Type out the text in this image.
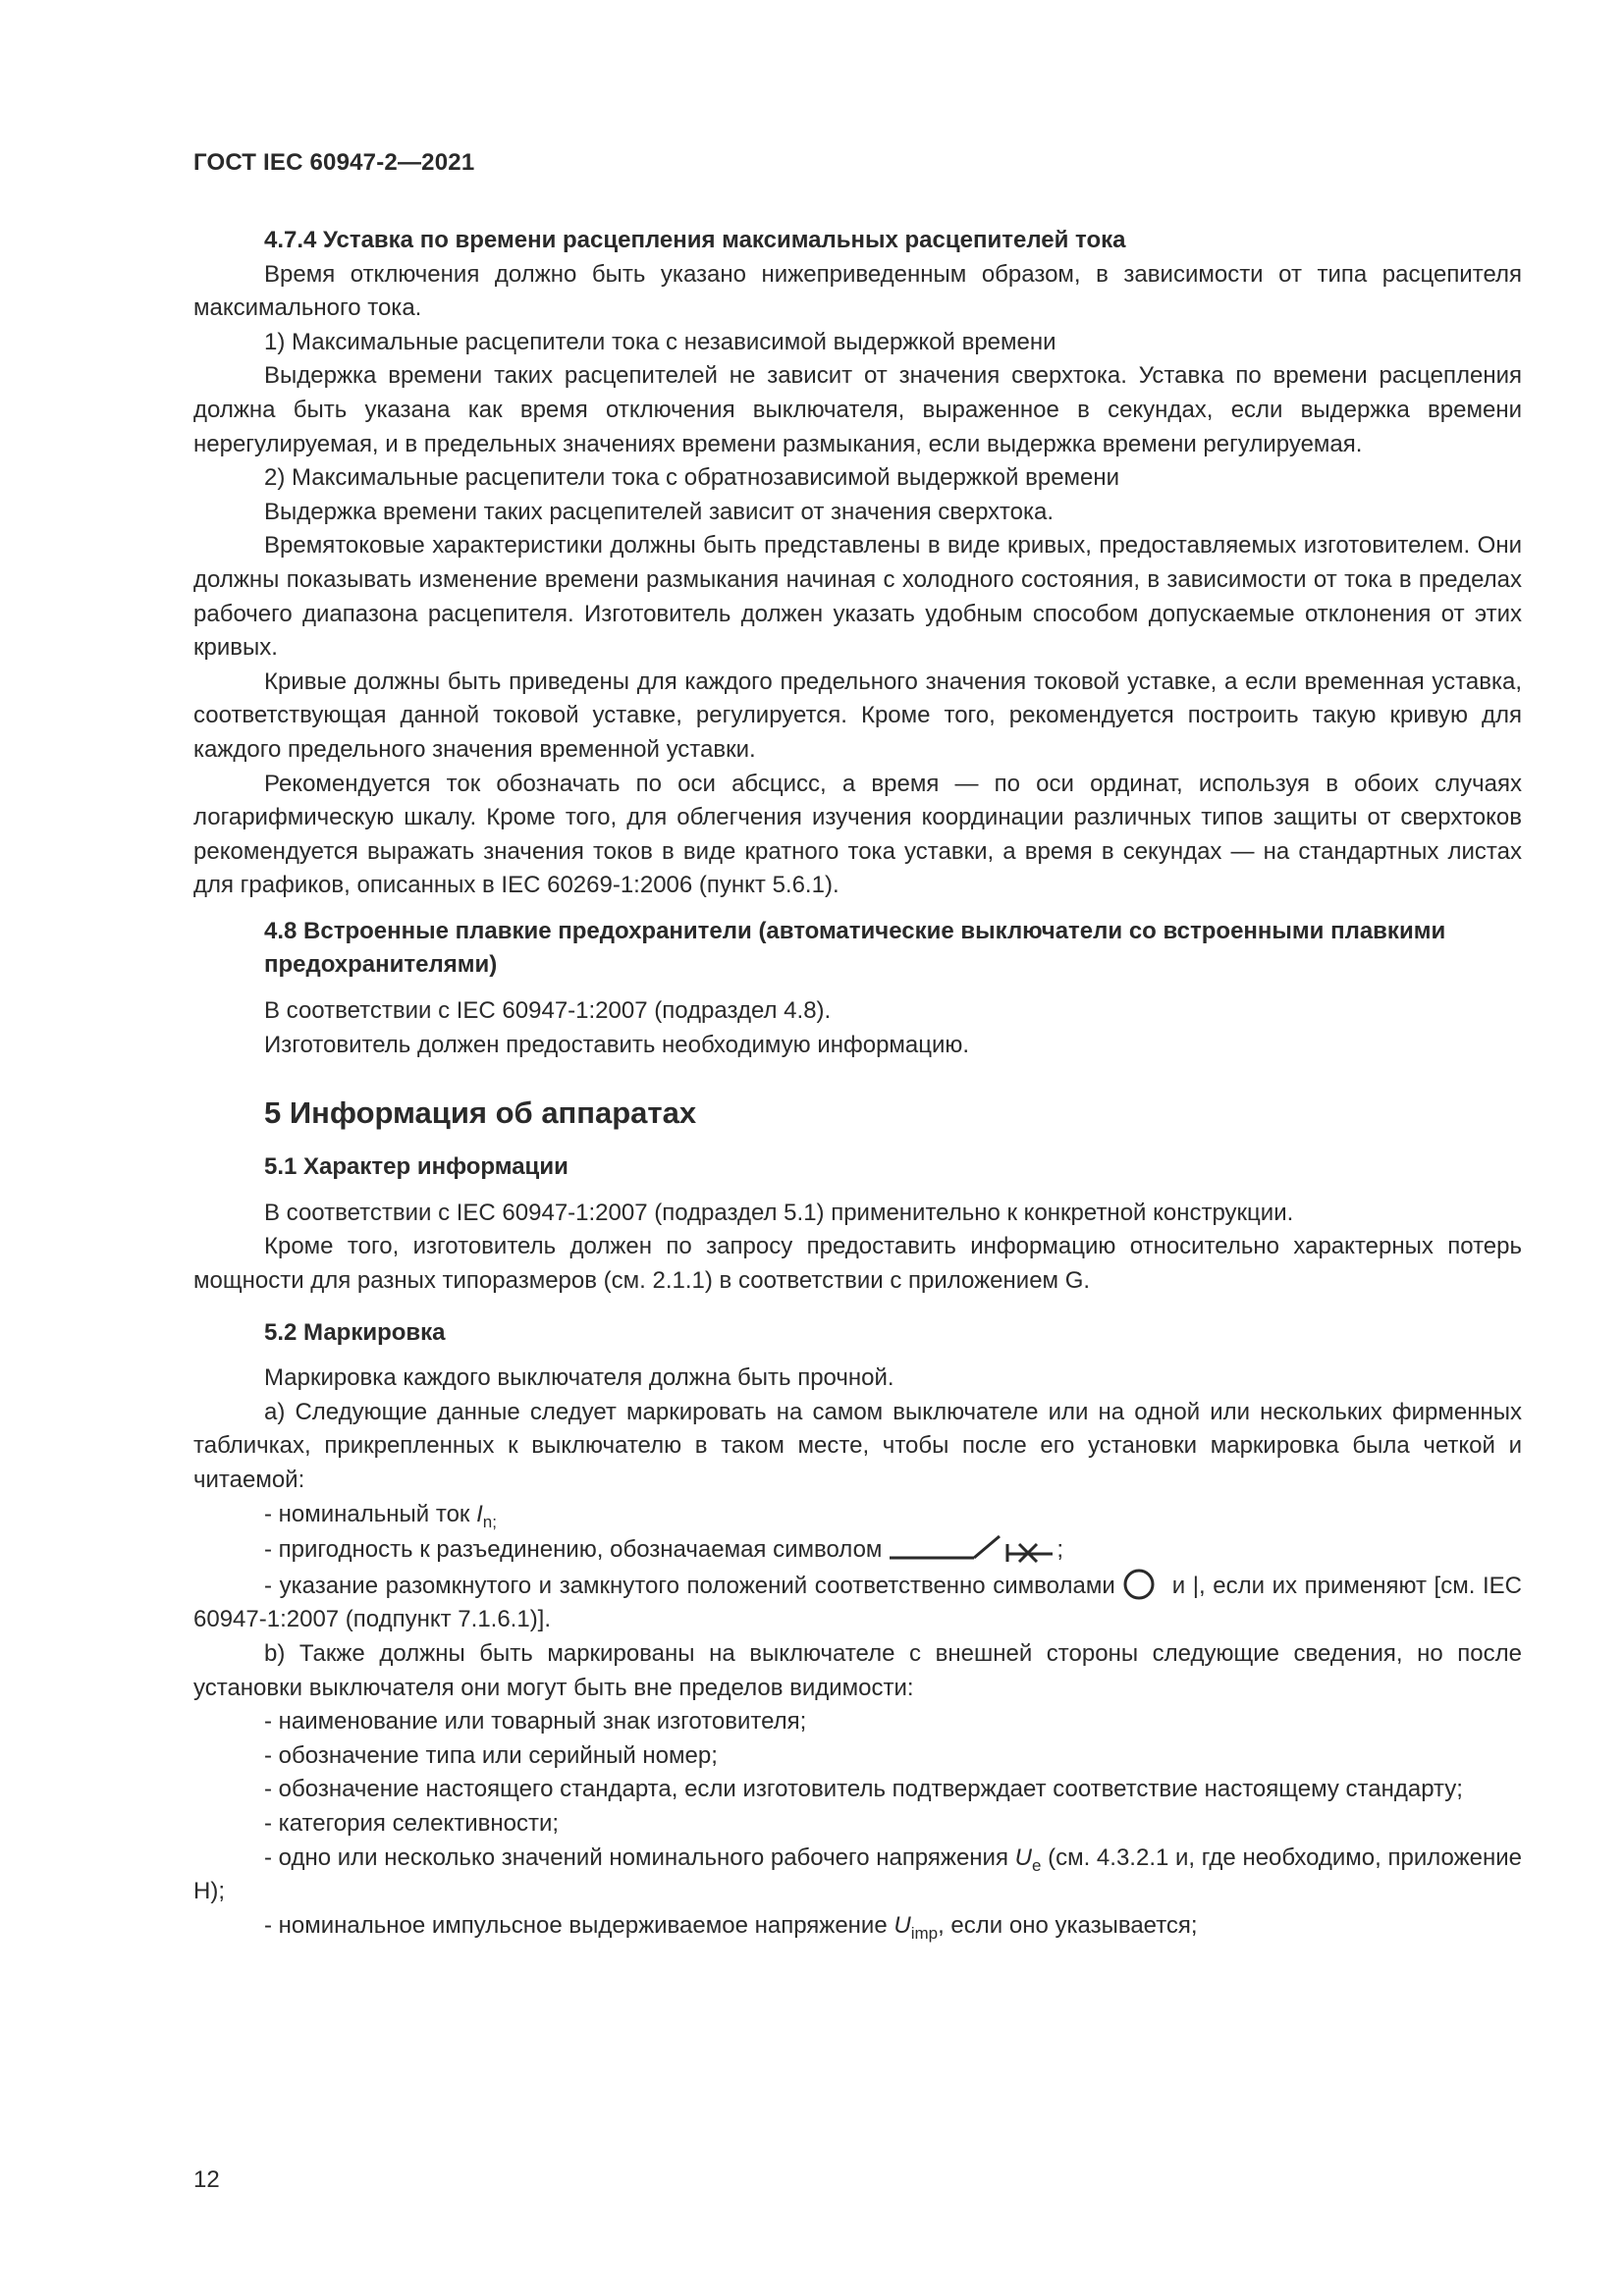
ГОСТ IEC 60947-2—2021

4.7.4 Уставка по времени расцепления максимальных расцепителей тока

Время отключения должно быть указано нижеприведенным образом, в зависимости от типа расцепителя максимального тока.

1) Максимальные расцепители тока с независимой выдержкой времени

Выдержка времени таких расцепителей не зависит от значения сверхтока. Уставка по времени расцепления должна быть указана как время отключения выключателя, выраженное в секундах, если выдержка времени нерегулируемая, и в предельных значениях времени размыкания, если выдержка времени регулируемая.

2) Максимальные расцепители тока с обратнозависимой выдержкой времени

Выдержка времени таких расцепителей зависит от значения сверхтока.

Времятоковые характеристики должны быть представлены в виде кривых, предоставляемых изготовителем. Они должны показывать изменение времени размыкания начиная с холодного состояния, в зависимости от тока в пределах рабочего диапазона расцепителя. Изготовитель должен указать удобным способом допускаемые отклонения от этих кривых.

Кривые должны быть приведены для каждого предельного значения токовой уставке, а если временная уставка, соответствующая данной токовой уставке, регулируется. Кроме того, рекомендуется построить такую кривую для каждого предельного значения временной уставки.

Рекомендуется ток обозначать по оси абсцисс, а время — по оси ординат, используя в обоих случаях логарифмическую шкалу. Кроме того, для облегчения изучения координации различных типов защиты от сверхтоков рекомендуется выражать значения токов в виде кратного тока уставки, а время в секундах — на стандартных листах для графиков, описанных в IEC 60269-1:2006 (пункт 5.6.1).

4.8 Встроенные плавкие предохранители (автоматические выключатели со встроенными плавкими предохранителями)

В соответствии с IEC 60947-1:2007 (подраздел 4.8).

Изготовитель должен предоставить необходимую информацию.

5 Информация об аппаратах

5.1 Характер информации

В соответствии с IEC 60947-1:2007 (подраздел 5.1) применительно к конкретной конструкции.

Кроме того, изготовитель должен по запросу предоставить информацию относительно характерных потерь мощности для разных типоразмеров (см. 2.1.1) в соответствии с приложением G.

5.2 Маркировка

Маркировка каждого выключателя должна быть прочной.

a) Следующие данные следует маркировать на самом выключателе или на одной или нескольких фирменных табличках, прикрепленных к выключателю в таком месте, чтобы после его установки маркировка была четкой и читаемой:

- номинальный ток $I_{n;}$

- пригодность к разъединению, обозначаемая символом	;

- указание разомкнутого и замкнутого положений соответственно символами и |, если их применяют [см. IEC 60947-1:2007 (подпункт 7.1.6.1)].

b) Также должны быть маркированы на выключателе с внешней стороны следующие сведения, но после установки выключателя они могут быть вне пределов видимости:

- наименование или товарный знак изготовителя;

- обозначение типа или серийный номер;

- обозначение настоящего стандарта, если изготовитель подтверждает соответствие настоящему стандарту;

- категория селективности;

- одно или несколько значений номинального рабочего напряжения $U_e$ (см. 4.3.2.1 и, где необходимо, приложение H);

- номинальное импульсное выдерживаемое напряжение $U_{imp}$, если оно указывается;

12
